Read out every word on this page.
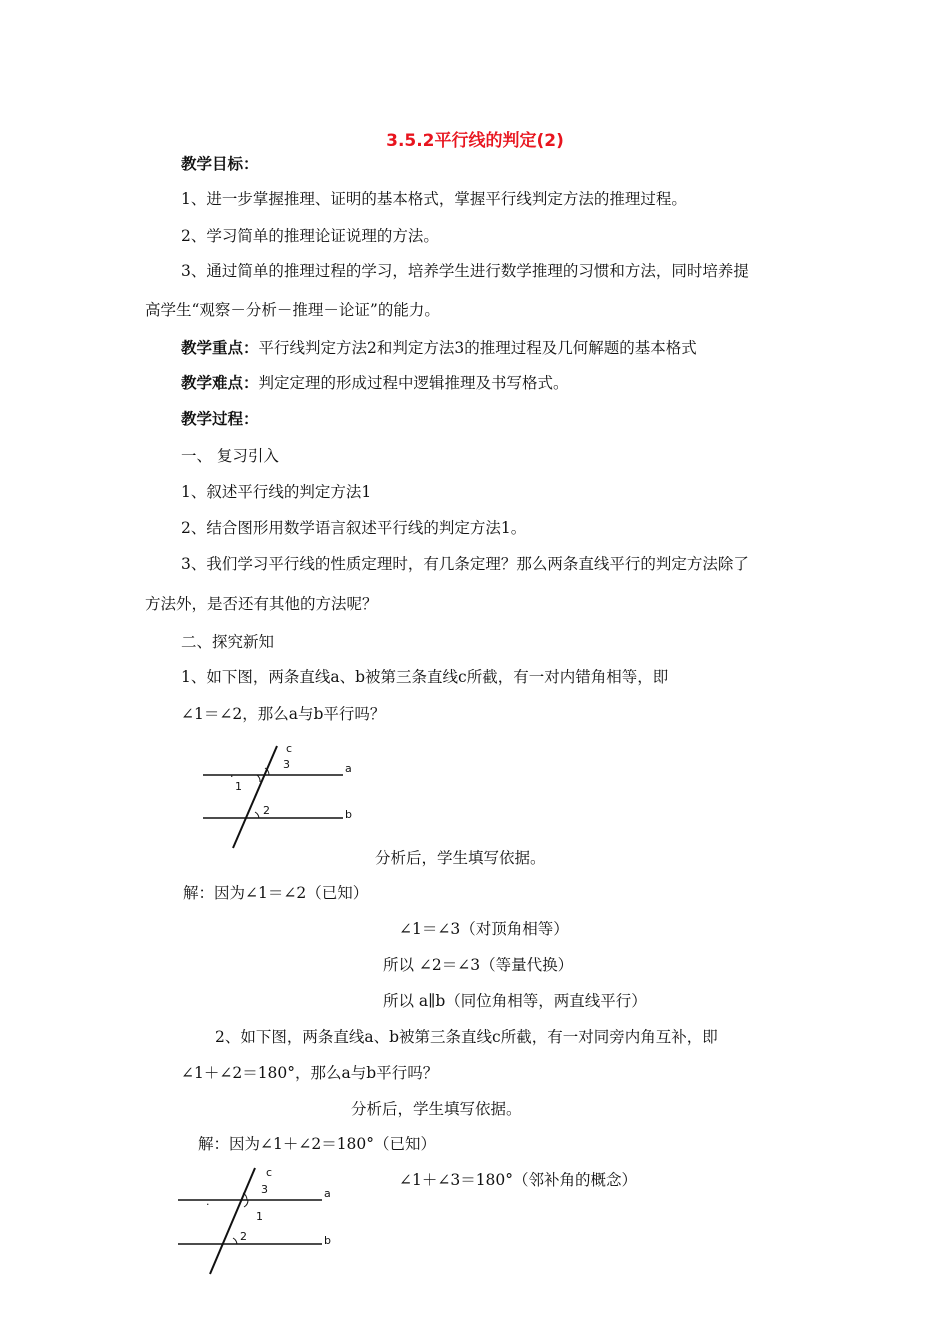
3.5.2平行线的判定(2)
教学目标：
1、进一步掌握推理、证明的基本格式，掌握平行线判定方法的推理过程。
2、学习简单的推理论证说理的方法。
3、通过简单的推理过程的学习，培养学生进行数学推理的习惯和方法，同时培养提
高学生“观察－分析－推理－论证”的能力。
教学重点：平行线判定方法2和判定方法3的推理过程及几何解题的基本格式
教学难点：判定定理的形成过程中逻辑推理及书写格式。
教学过程：
一、 复习引入
1、叙述平行线的判定方法1
2、结合图形用数学语言叙述平行线的判定方法1。
3、我们学习平行线的性质定理时，有几条定理？那么两条直线平行的判定方法除了
方法外，是否还有其他的方法呢？
二、探究新知
1、如下图，两条直线a、b被第三条直线c所截，有一对内错角相等，即
∠1＝∠2，那么a与b平行吗？
·
c
3
1
2
a
b
分析后，学生填写依据。
解：因为∠1＝∠2（已知）
∠1＝∠3（对顶角相等）
所以 ∠2＝∠3（等量代换）
所以 a∥b（同位角相等，两直线平行）
2、如下图，两条直线a、b被第三条直线c所截，有一对同旁内角互补，即
∠1＋∠2＝180°，那么a与b平行吗？
分析后，学生填写依据。
解：因为∠1＋∠2＝180°（已知）
∠1＋∠3＝180°（邻补角的概念）
·
c
3
1
2
a
b
